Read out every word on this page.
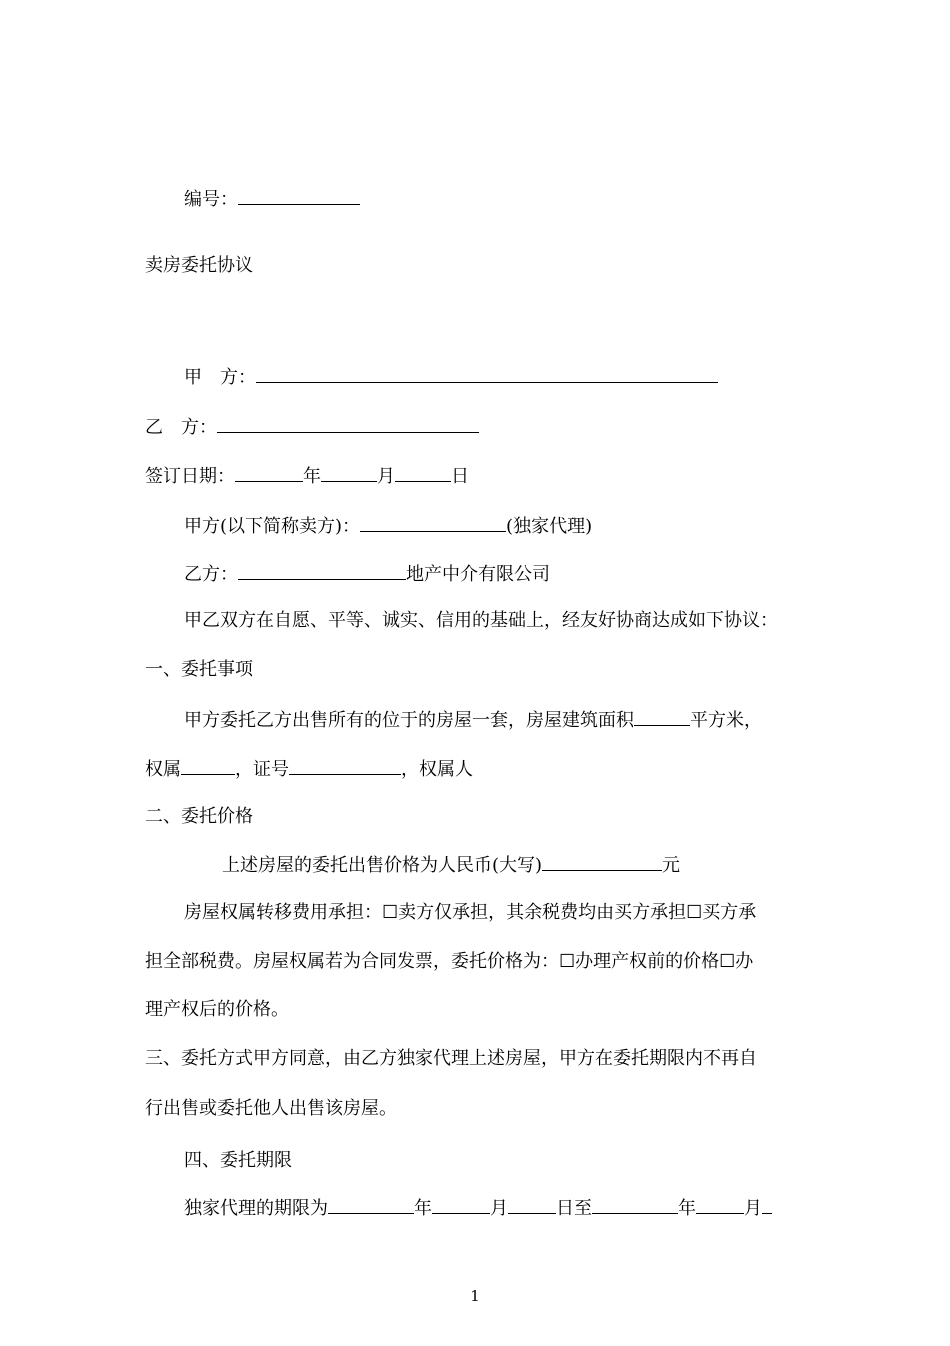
编号：
卖房委托协议
甲　方：
乙　方：
签订日期：	年	月	日
甲方(以下简称卖方)：	(独家代理)
乙方：	地产中介有限公司
甲乙双方在自愿、平等、诚实、信用的基础上，经友好协商达成如下协议：
一、委托事项
甲方委托乙方出售所有的位于的房屋一套，房屋建筑面积	平方米，
权属	，证号	，权属人
二、委托价格
上述房屋的委托出售价格为人民币(大写)	元
房屋权属转移费用承担：☐卖方仅承担，其余税费均由买方承担☐买方承
担全部税费。房屋权属若为合同发票，委托价格为：☐办理产权前的价格☐办
理产权后的价格。
三、委托方式甲方同意，由乙方独家代理上述房屋，甲方在委托期限内不再自
行出售或委托他人出售该房屋。
四、委托期限
独家代理的期限为	年	月	日至	年	月
1
